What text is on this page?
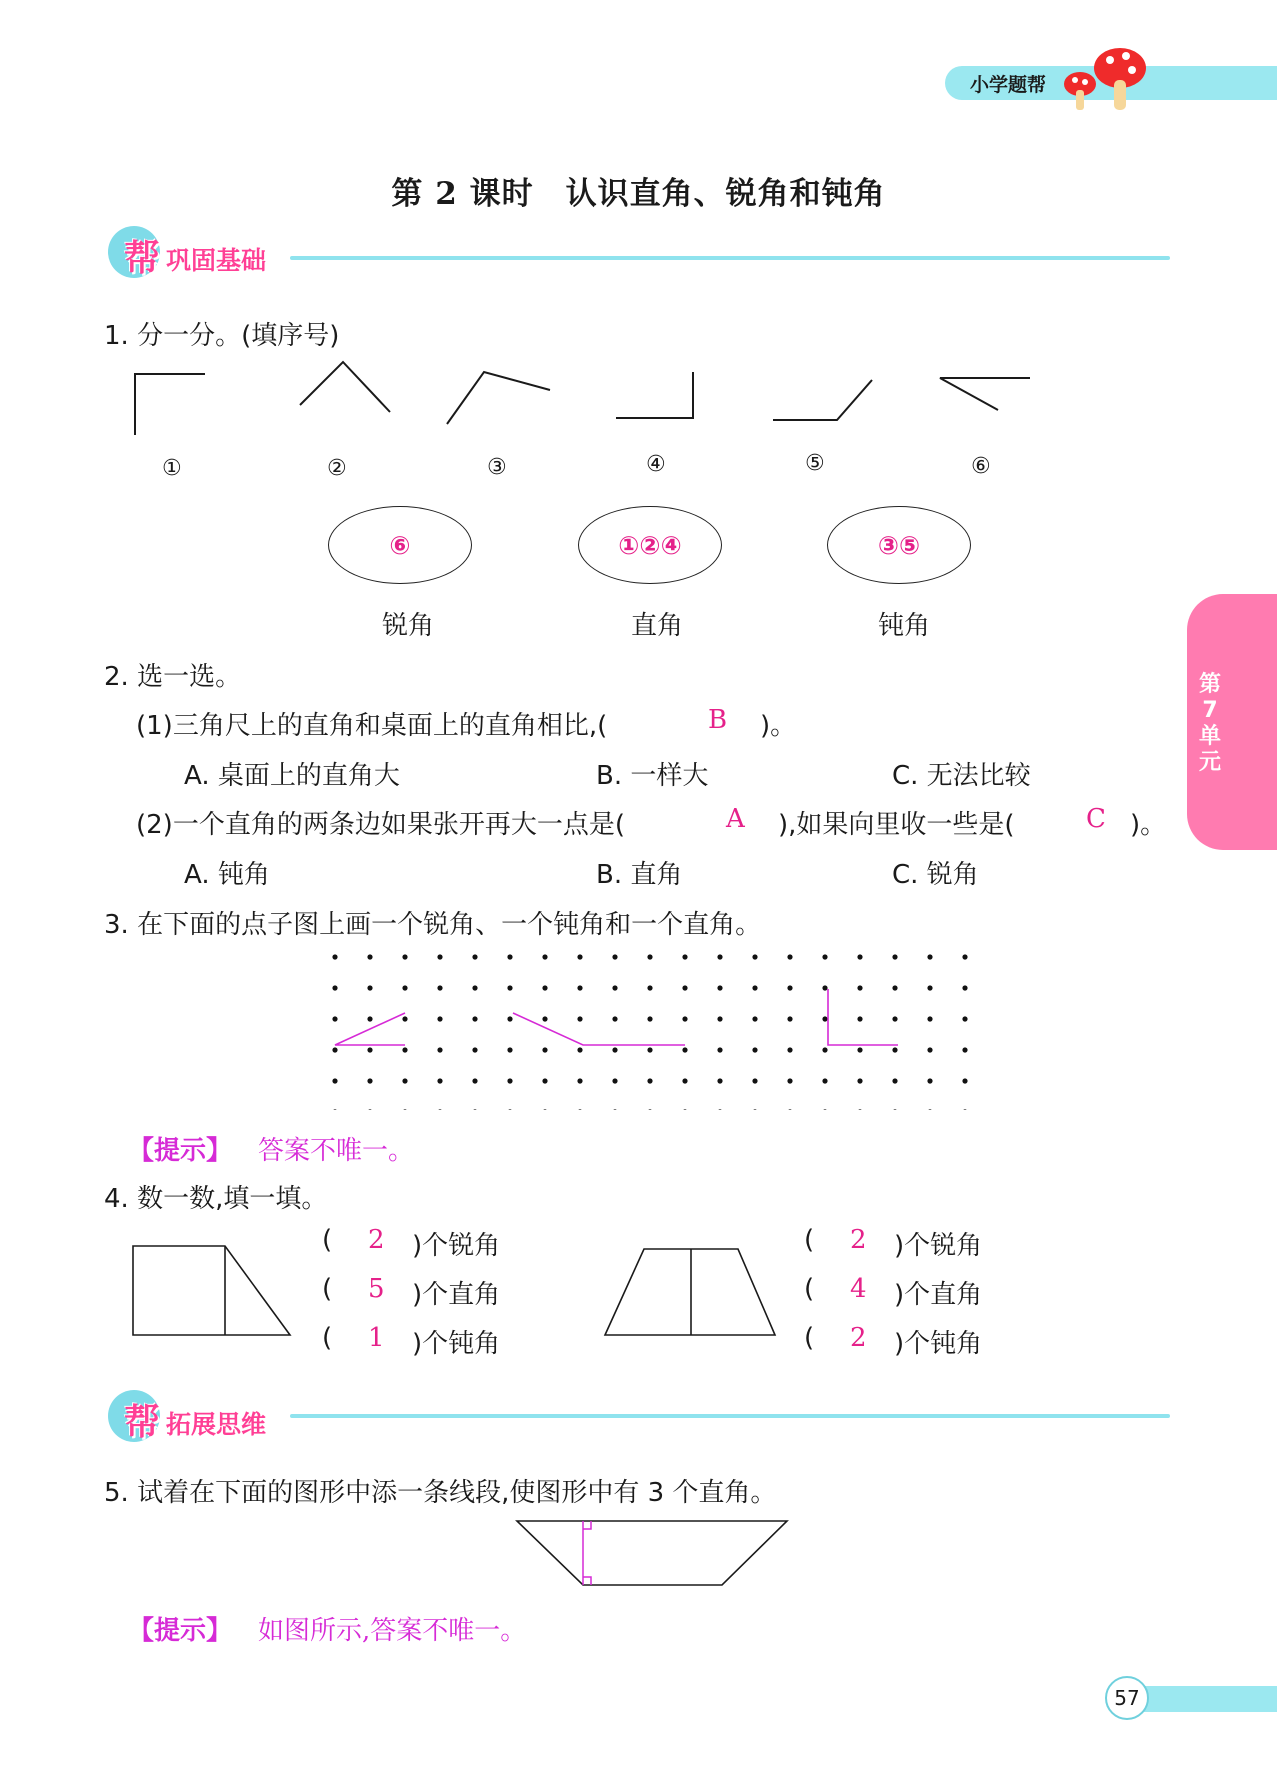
小学题帮
第 2 课时　认识直角、锐角和钝角
帮 巩固基础
1. 分一分。(填序号)
①	②	③	④	⑤	⑥
⑥	①②④	③⑤
锐角	直角	钝角
2. 选一选。
(1)三角尺上的直角和桌面上的直角相比,(	B )。
A. 桌面上的直角大	B. 一样大	C. 无法比较
(2)一个直角的两条边如果张开再大一点是(	A ),如果向里收一些是(	C )。
A. 钝角	B. 直角	C. 锐角
3. 在下面的点子图上画一个锐角、一个钝角和一个直角。
【提示】 答案不唯一。
4. 数一数,填一填。
( 2 )个锐角
( 5 )个直角
( 1 )个钝角
( 2 )个锐角
( 4 )个直角
( 2 )个钝角
帮 拓展思维
5. 试着在下面的图形中添一条线段,使图形中有 3 个直角。
【提示】 如图所示,答案不唯一。
第7单元
57
